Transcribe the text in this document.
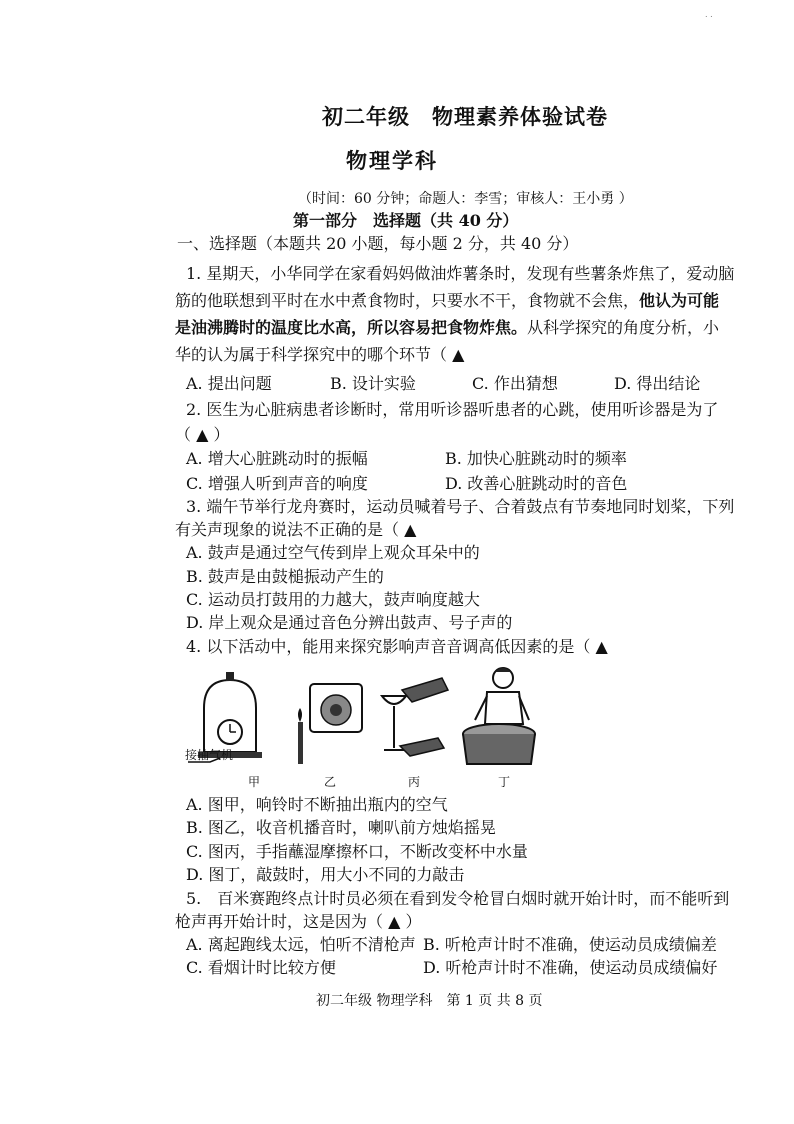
. .
初二年级　物理素养体验试卷
物理学科
（时间：60 分钟；命题人：李雪；审核人：王小勇 ）
第一部分　选择题（共 40 分）
一、选择题（本题共 20 小题，每小题 2 分，共 40 分）
1. 星期天，小华同学在家看妈妈做油炸薯条时，发现有些薯条炸焦了，爱动脑
筋的他联想到平时在水中煮食物时，只要水不干，食物就不会焦，他认为可能
是油沸腾时的温度比水高，所以容易把食物炸焦。从科学探究的角度分析，小
华的认为属于科学探究中的哪个环节（ ▲
A. 提出问题	B. 设计实验	C. 作出猜想	D. 得出结论
2. 医生为心脏病患者诊断时，常用听诊器听患者的心跳，使用听诊器是为了
（ ▲ ）
A. 增大心脏跳动时的振幅	B. 加快心脏跳动时的频率
C. 增强人听到声音的响度	D. 改善心脏跳动时的音色
3. 端午节举行龙舟赛时，运动员喊着号子、合着鼓点有节奏地同时划桨，下列
有关声现象的说法不正确的是（ ▲
A. 鼓声是通过空气传到岸上观众耳朵中的
B. 鼓声是由鼓槌振动产生的
C. 运动员打鼓用的力越大，鼓声响度越大
D. 岸上观众是通过音色分辨出鼓声、号子声的
4. 以下活动中，能用来探究影响声音音调高低因素的是（ ▲
接抽气机
甲	乙	丙	丁
A. 图甲，响铃时不断抽出瓶内的空气
B. 图乙，收音机播音时，喇叭前方烛焰摇晃
C. 图丙，手指蘸湿摩擦杯口，不断改变杯中水量
D. 图丁，敲鼓时，用大小不同的力敲击
5.　百米赛跑终点计时员必须在看到发令枪冒白烟时就开始计时，而不能听到
枪声再开始计时，这是因为（ ▲ ）
A. 离起跑线太远，怕听不清枪声 B. 听枪声计时不准确，使运动员成绩偏差
C. 看烟计时比较方便	D. 听枪声计时不准确，使运动员成绩偏好
初二年级 物理学科　第 1 页 共 8 页
